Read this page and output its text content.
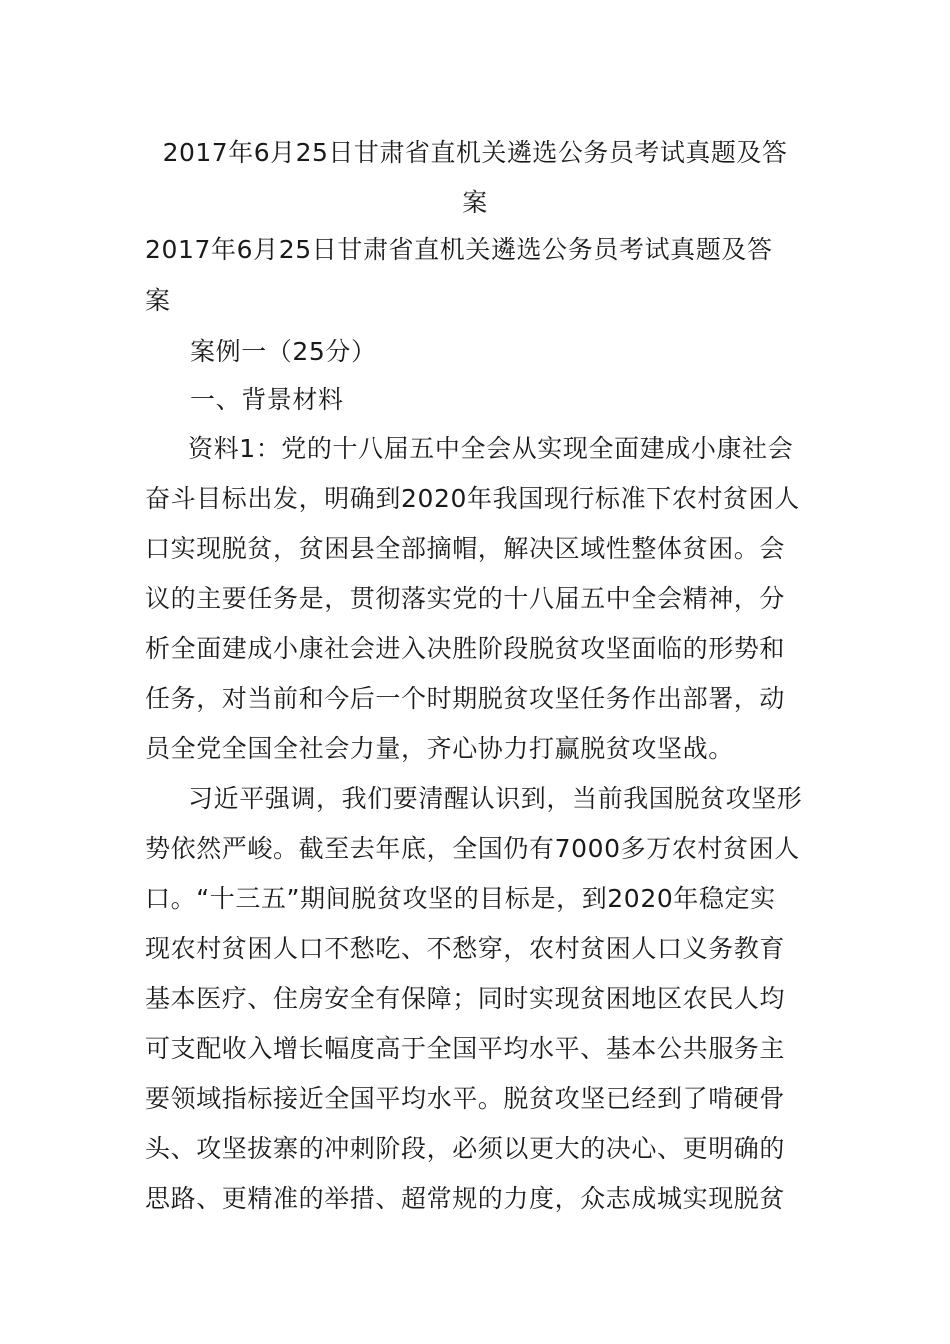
2017年6月25日甘肃省直机关遴选公务员考试真题及答
案
2017年6月25日甘肃省直机关遴选公务员考试真题及答
案
案例一（25分）
一、背景材料
资料1：党的十八届五中全会从实现全面建成小康社会
奋斗目标出发，明确到2020年我国现行标准下农村贫困人
口实现脱贫，贫困县全部摘帽，解决区域性整体贫困。会
议的主要任务是，贯彻落实党的十八届五中全会精神，分
析全面建成小康社会进入决胜阶段脱贫攻坚面临的形势和
任务，对当前和今后一个时期脱贫攻坚任务作出部署，动
员全党全国全社会力量，齐心协力打赢脱贫攻坚战。
习近平强调，我们要清醒认识到，当前我国脱贫攻坚形
势依然严峻。截至去年底，全国仍有7000多万农村贫困人
口。“十三五”期间脱贫攻坚的目标是，到2020年稳定实
现农村贫困人口不愁吃、不愁穿，农村贫困人口义务教育
基本医疗、住房安全有保障；同时实现贫困地区农民人均
可支配收入增长幅度高于全国平均水平、基本公共服务主
要领域指标接近全国平均水平。脱贫攻坚已经到了啃硬骨
头、攻坚拔寨的冲刺阶段，必须以更大的决心、更明确的
思路、更精准的举措、超常规的力度，众志成城实现脱贫
